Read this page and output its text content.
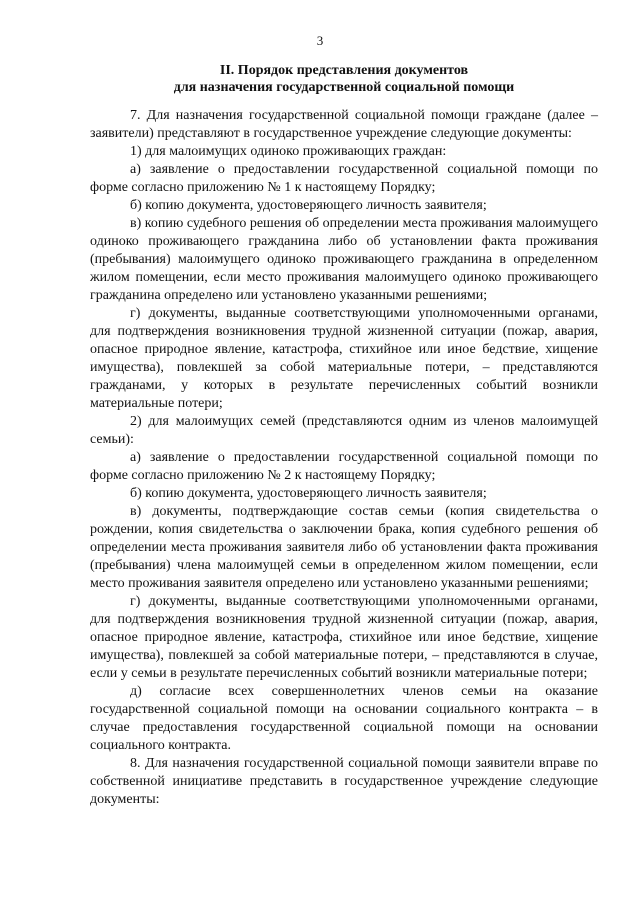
3
II. Порядок представления документов
для назначения государственной социальной помощи

7. Для назначения государственной социальной помощи граждане (далее – заявители) представляют в государственное учреждение следующие документы:

1) для малоимущих одиноко проживающих граждан:

а) заявление о предоставлении государственной социальной помощи по форме согласно приложению № 1 к настоящему Порядку;

б) копию документа, удостоверяющего личность заявителя;

в) копию судебного решения об определении места проживания малоимущего одиноко проживающего гражданина либо об установлении факта проживания (пребывания) малоимущего одиноко проживающего гражданина в определенном жилом помещении, если место проживания малоимущего одиноко проживающего гражданина определено или установлено указанными решениями;

г) документы, выданные соответствующими уполномоченными органами, для подтверждения возникновения трудной жизненной ситуации (пожар, авария, опасное природное явление, катастрофа, стихийное или иное бедствие, хищение имущества), повлекшей за собой материальные потери, – представляются гражданами, у которых в результате перечисленных событий возникли материальные потери;

2) для малоимущих семей (представляются одним из членов малоимущей семьи):

а) заявление о предоставлении государственной социальной помощи по форме согласно приложению № 2 к настоящему Порядку;

б) копию документа, удостоверяющего личность заявителя;

в) документы, подтверждающие состав семьи (копия свидетельства о рождении, копия свидетельства о заключении брака, копия судебного решения об определении места проживания заявителя либо об установлении факта проживания (пребывания) члена малоимущей семьи в определенном жилом помещении, если место проживания заявителя определено или установлено указанными решениями;

г) документы, выданные соответствующими уполномоченными органами, для подтверждения возникновения трудной жизненной ситуации (пожар, авария, опасное природное явление, катастрофа, стихийное или иное бедствие, хищение имущества), повлекшей за собой материальные потери, – представляются в случае, если у семьи в результате перечисленных событий возникли материальные потери;

д) согласие всех совершеннолетних членов семьи на оказание государственной социальной помощи на основании социального контракта – в случае предоставления государственной социальной помощи на основании социального контракта.

8. Для назначения государственной социальной помощи заявители вправе по собственной инициативе представить в государственное учреждение следующие документы:
